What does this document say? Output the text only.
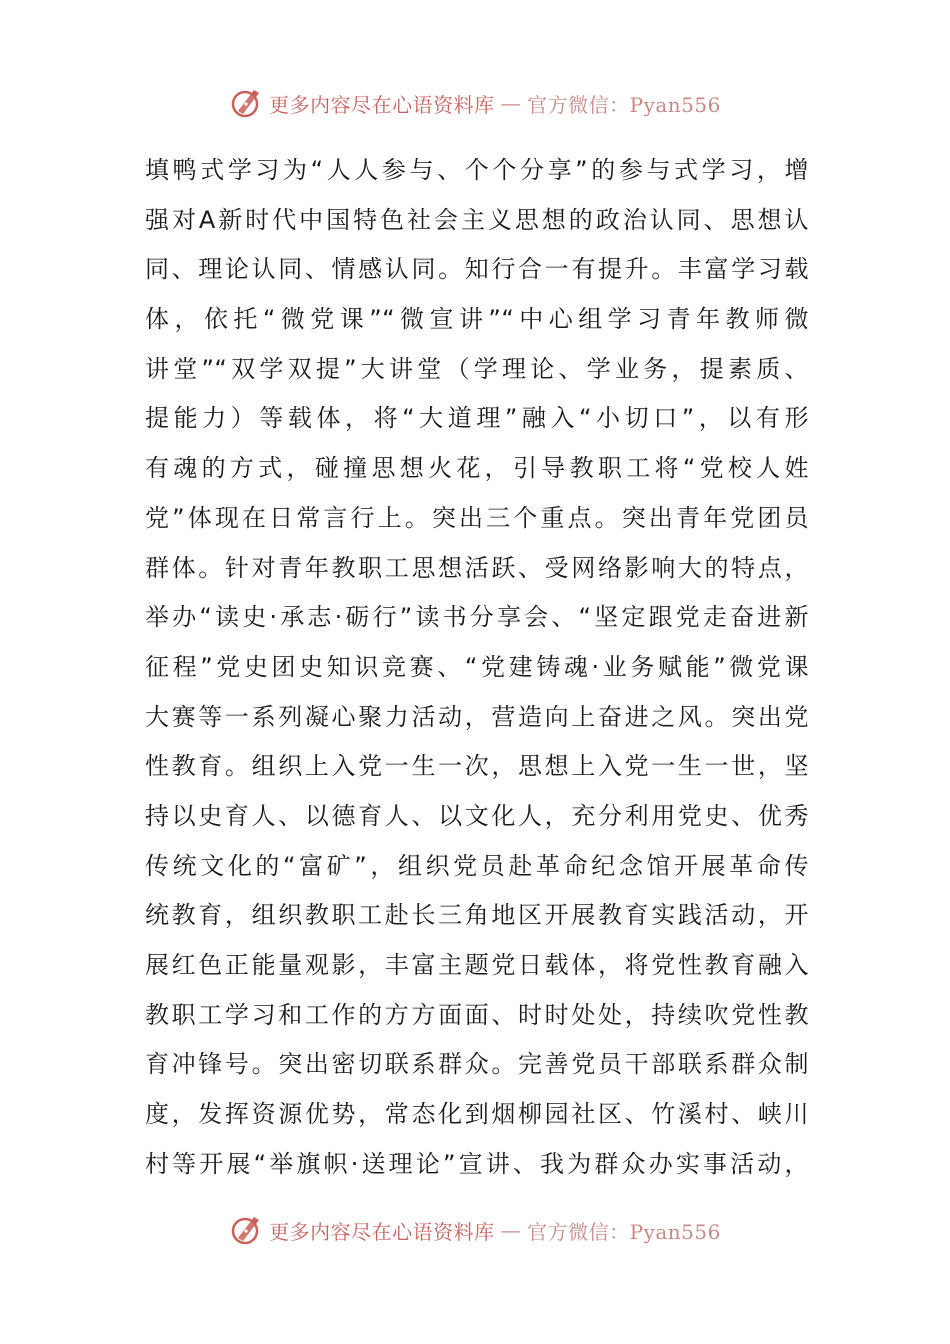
更多内容尽在心语资料库 — 官方微信：Pyan556
填鸭式学习为“人人参与、个个分享”的参与式学习，增
强对A新时代中国特色社会主义思想的政治认同、思想认
同、理论认同、情感认同。知行合一有提升。丰富学习载
体，依托“微党课”“微宣讲”“中心组学习青年教师微
讲堂”“双学双提”大讲堂（学理论、学业务，提素质、
提能力）等载体，将“大道理”融入“小切口”，以有形
有魂的方式，碰撞思想火花，引导教职工将“党校人姓
党”体现在日常言行上。突出三个重点。突出青年党团员
群体。针对青年教职工思想活跃、受网络影响大的特点，
举办“读史·承志·砺行”读书分享会、“坚定跟党走奋进新
征程”党史团史知识竞赛、“党建铸魂·业务赋能”微党课
大赛等一系列凝心聚力活动，营造向上奋进之风。突出党
性教育。组织上入党一生一次，思想上入党一生一世，坚
持以史育人、以德育人、以文化人，充分利用党史、优秀
传统文化的“富矿”，组织党员赴革命纪念馆开展革命传
统教育，组织教职工赴长三角地区开展教育实践活动，开
展红色正能量观影，丰富主题党日载体，将党性教育融入
教职工学习和工作的方方面面、时时处处，持续吹党性教
育冲锋号。突出密切联系群众。完善党员干部联系群众制
度，发挥资源优势，常态化到烟柳园社区、竹溪村、峡川
村等开展“举旗帜·送理论”宣讲、我为群众办实事活动，
更多内容尽在心语资料库 — 官方微信：Pyan556
